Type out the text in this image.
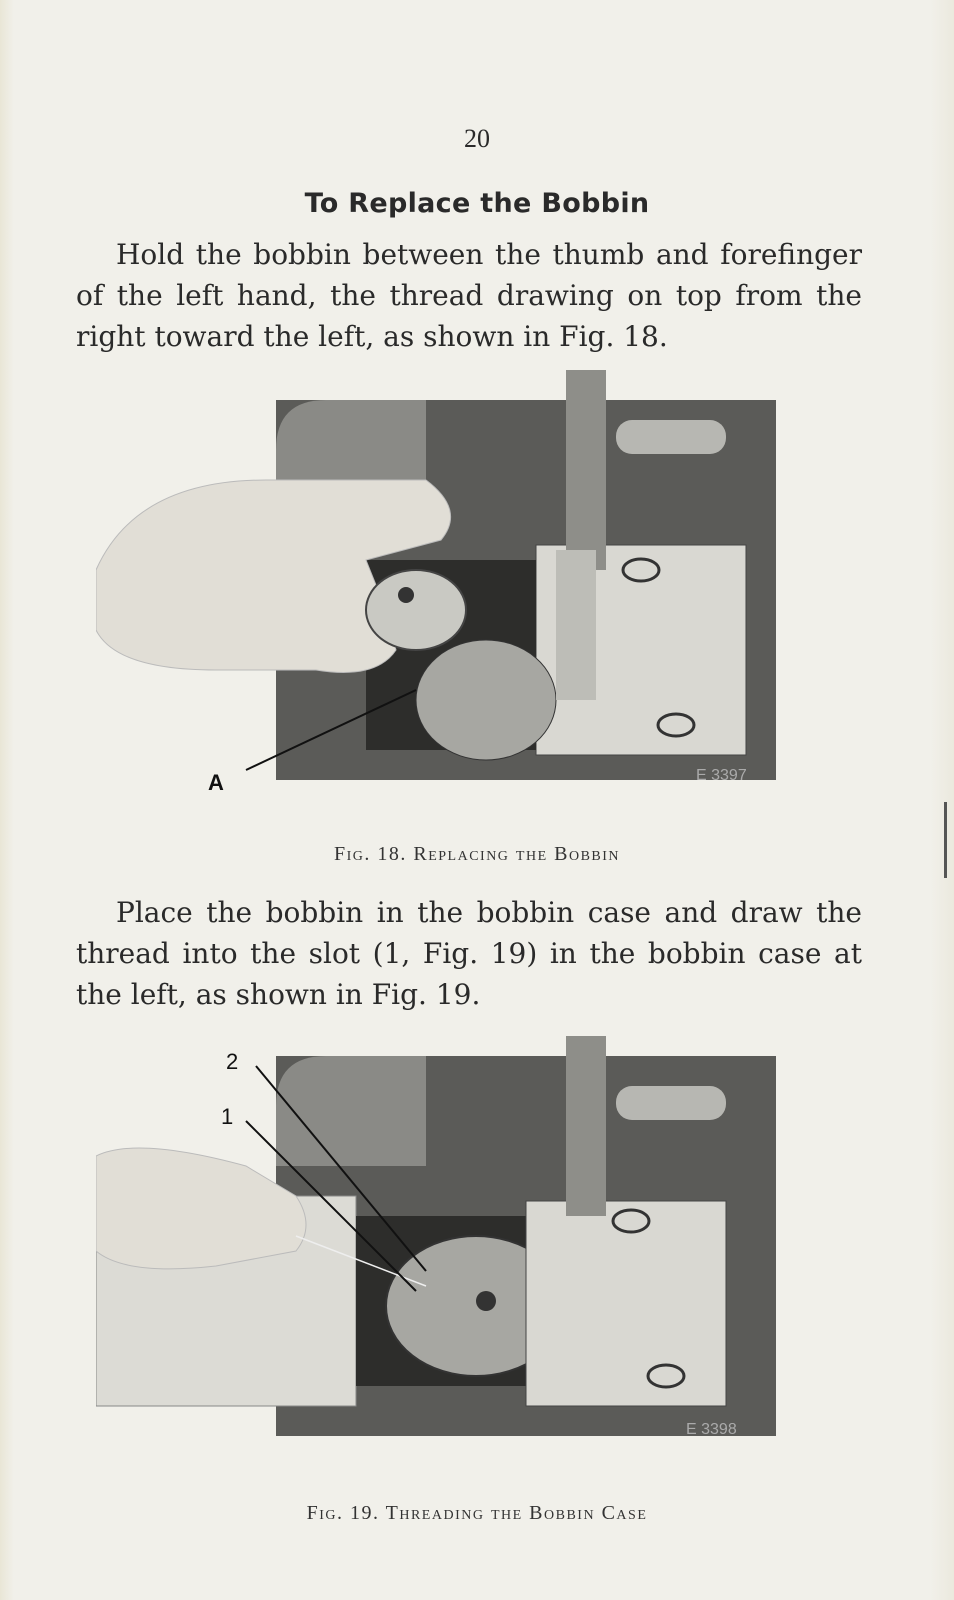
20
To Replace the Bobbin

Hold the bobbin between the thumb and forefinger of the left hand, the thread drawing on top from the right toward the left, as shown in Fig. 18.

A	E 3397
Fig. 18. Replacing the Bobbin

Place the bobbin in the bobbin case and draw the thread into the slot (1, Fig. 19) in the bobbin case at the left, as shown in Fig. 19.

2
1
E 3398
Fig. 19. Threading the Bobbin Case
